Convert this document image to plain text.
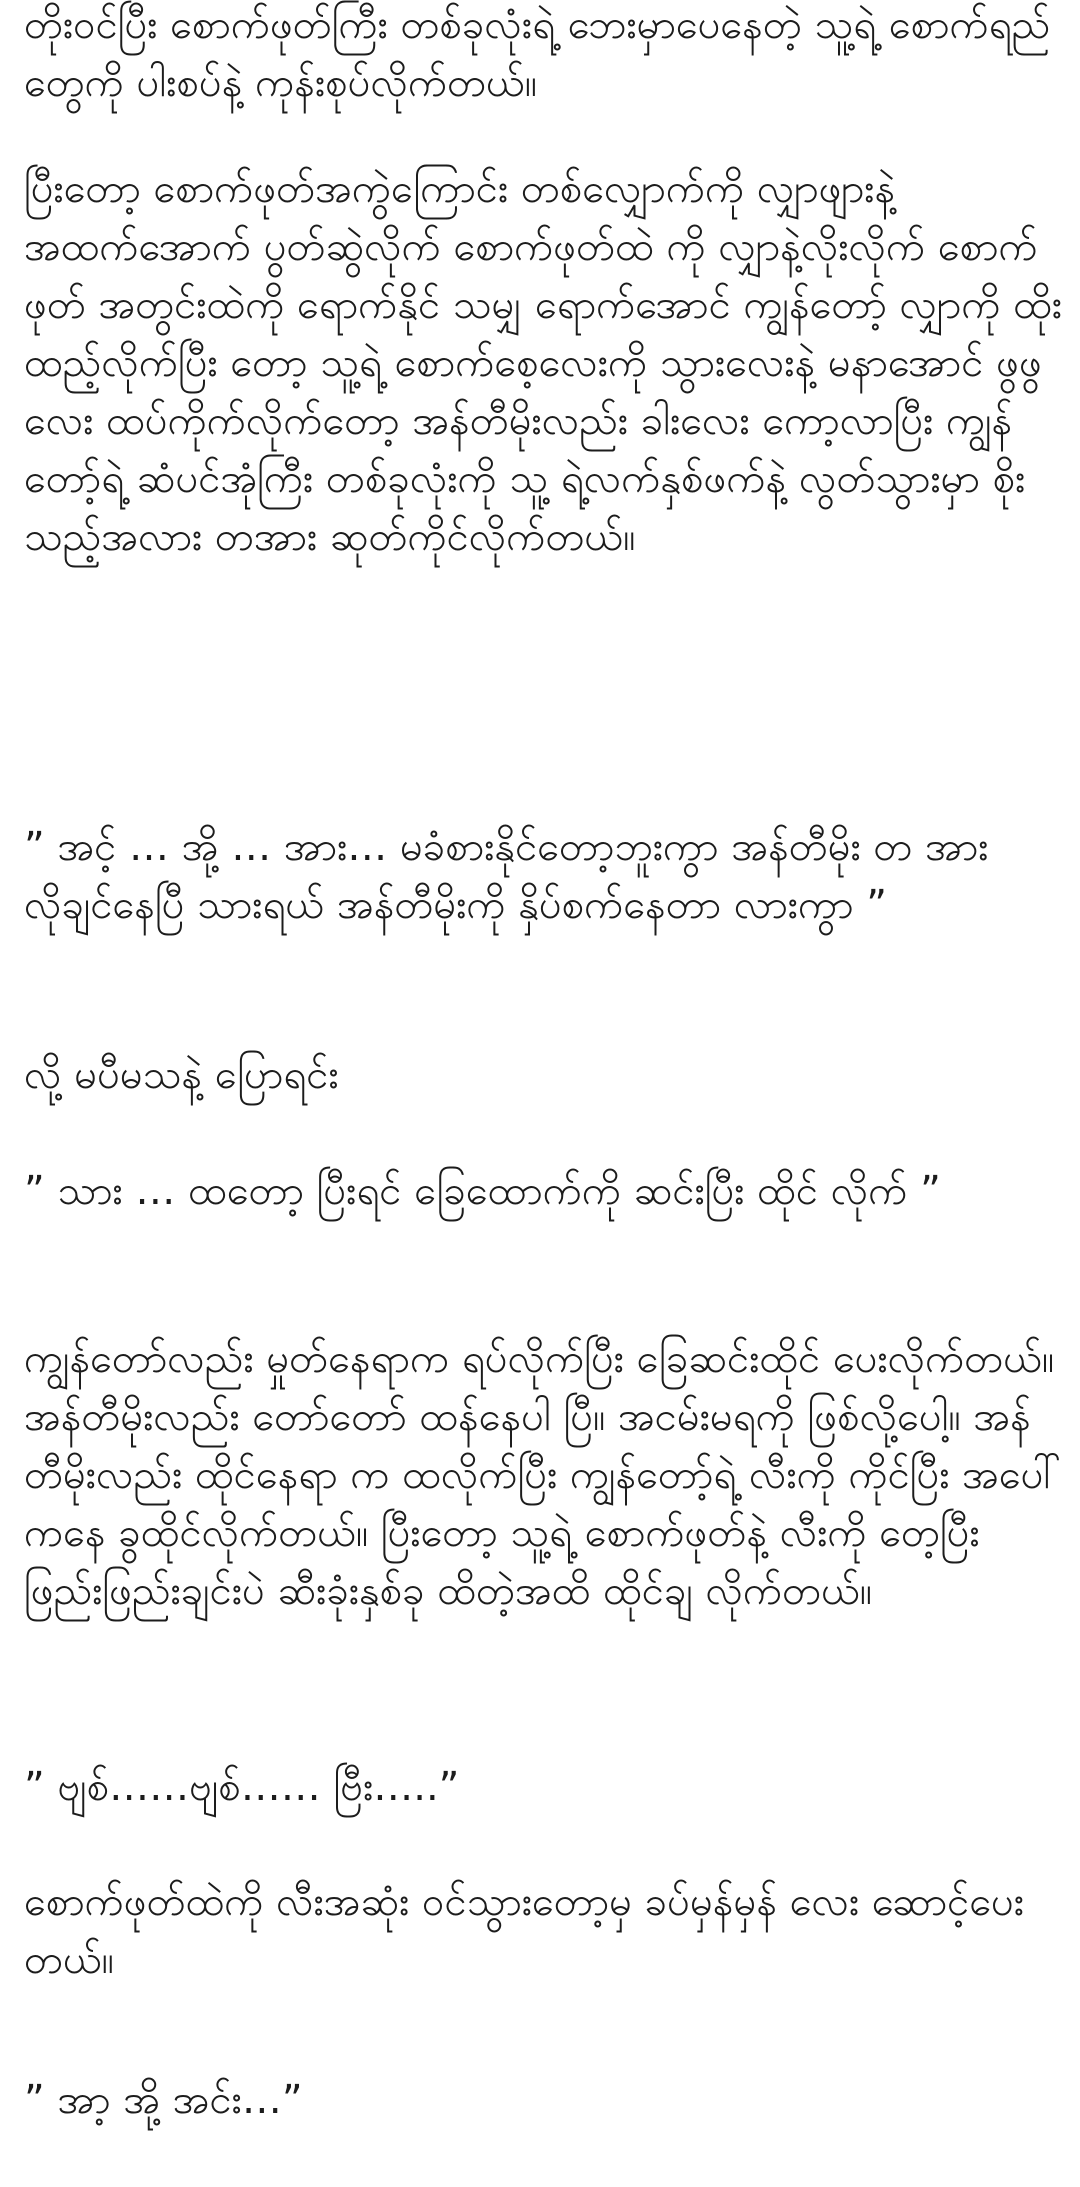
တိုးဝင်ပြီး စောက်ဖုတ်ကြီး တစ်ခုလုံးရဲ့ ဘေးမှာပေနေတဲ့ သူ့ရဲ့ စောက်ရည်တွေကို ပါးစပ်နဲ့ ကုန်းစုပ်လိုက်တယ်။

ပြီးတော့ စောက်ဖုတ်အကွဲကြောင်း တစ်လျှောက်ကို လျှာဖျားနဲ့ အထက်အောက် ပွတ်ဆွဲလိုက် စောက်ဖုတ်ထဲ ကို လျှာနဲ့လိုးလိုက် စောက်ဖုတ် အတွင်းထဲကို ရောက်နိုင် သမျှ ရောက်အောင် ကျွန်တော့် လျှာကို ထိုးထည့်လိုက်ပြီး တော့ သူ့ရဲ့ စောက်စေ့လေးကို သွားလေးနဲ့ မနာအောင် ဖွဖွ လေး ထပ်ကိုက်လိုက်တော့ အန်တီမိုးလည်း ခါးလေး ကော့လာပြီး ကျွန်တော့်ရဲ့ ဆံပင်အုံကြီး တစ်ခုလုံးကို သူ့ ရဲ့လက်နှစ်ဖက်နဲ့ လွတ်သွားမှာ စိုးသည့်အလား တအား ဆုတ်ကိုင်လိုက်တယ်။

” အင့် … အို့ … အား… မခံစားနိုင်တော့ဘူးကွာ အန်တီမိုး တ အားလိုချင်နေပြီ သားရယ် အန်တီမိုးကို နှိပ်စက်နေတာ လားကွာ ”

လို့ မပီမသနဲ့ ပြောရင်း

” သား … ထတော့ ပြီးရင် ခြေထောက်ကို ဆင်းပြီး ထိုင် လိုက် ”

ကျွန်တော်လည်း မှုတ်နေရာက ရပ်လိုက်ပြီး ခြေဆင်းထိုင် ပေးလိုက်တယ်။ အန်တီမိုးလည်း တော်တော် ထန်နေပါ ပြီ။ အငမ်းမရကို ဖြစ်လို့ပေါ့။ အန်တီမိုးလည်း ထိုင်နေရာ က ထလိုက်ပြီး ကျွန်တော့်ရဲ့ လီးကို ကိုင်ပြီး အပေါ်ကနေ ခွထိုင်လိုက်တယ်။ ပြီးတော့ သူ့ရဲ့ စောက်ဖုတ်နဲ့ လီးကို တေ့ပြီး ဖြည်းဖြည်းချင်းပဲ ဆီးခုံးနှစ်ခု ထိတဲ့အထိ ထိုင်ချ လိုက်တယ်။

” ဗျစ်……ဗျစ်…… ဗြီး…..”

စောက်ဖုတ်ထဲကို လီးအဆုံး ဝင်သွားတော့မှ ခပ်မှန်မှန် လေး ဆောင့်ပေးတယ်။

” အာ့ အို့ အင်း…”
